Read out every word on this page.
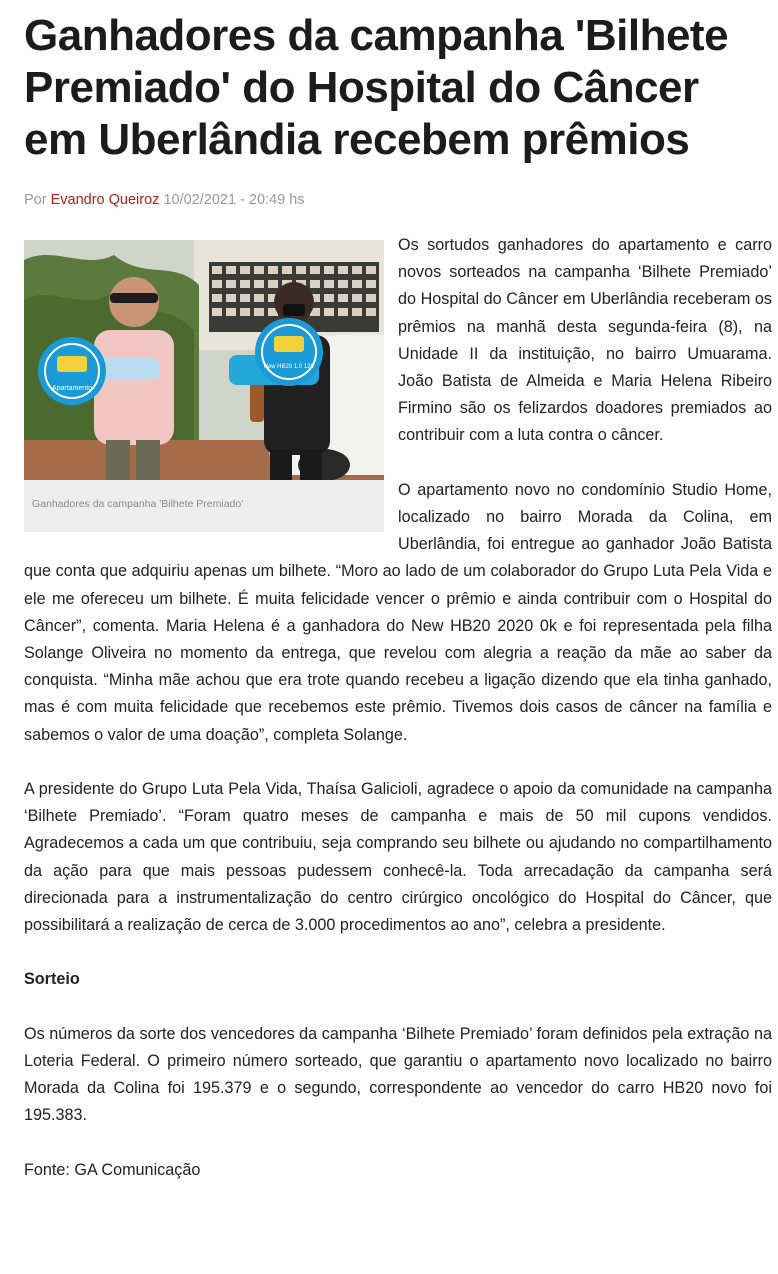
Ganhadores da campanha 'Bilhete Premiado' do Hospital do Câncer em Uberlândia recebem prêmios
Por Evandro Queiroz 10/02/2021 - 20:49 hs
Apartamento
New HB20 1.0 12V
Ganhadores da campanha 'Bilhete Premiado'

Os sortudos ganhadores do apartamento e carro novos sorteados na campanha ‘Bilhete Premiado’ do Hospital do Câncer em Uberlândia receberam os prêmios na manhã desta segunda-feira (8), na Unidade II da instituição, no bairro Umuarama. João Batista de Almeida e Maria Helena Ribeiro Firmino são os felizardos doadores premiados ao contribuir com a luta contra o câncer.

O apartamento novo no condomínio Studio Home, localizado no bairro Morada da Colina, em Uberlândia, foi entregue ao ganhador João Batista que conta que adquiriu apenas um bilhete. “Moro ao lado de um colaborador do Grupo Luta Pela Vida e ele me ofereceu um bilhete. É muita felicidade vencer o prêmio e ainda contribuir com o Hospital do Câncer”, comenta. Maria Helena é a ganhadora do New HB20 2020 0k e foi representada pela filha Solange Oliveira no momento da entrega, que revelou com alegria a reação da mãe ao saber da conquista. “Minha mãe achou que era trote quando recebeu a ligação dizendo que ela tinha ganhado, mas é com muita felicidade que recebemos este prêmio. Tivemos dois casos de câncer na família e sabemos o valor de uma doação”, completa Solange.

A presidente do Grupo Luta Pela Vida, Thaísa Galicioli, agradece o apoio da comunidade na campanha ‘Bilhete Premiado’. “Foram quatro meses de campanha e mais de 50 mil cupons vendidos. Agradecemos a cada um que contribuiu, seja comprando seu bilhete ou ajudando no compartilhamento da ação para que mais pessoas pudessem conhecê-la. Toda arrecadação da campanha será direcionada para a instrumentalização do centro cirúrgico oncológico do Hospital do Câncer, que possibilitará a realização de cerca de 3.000 procedimentos ao ano”, celebra a presidente.

Sorteio

Os números da sorte dos vencedores da campanha ‘Bilhete Premiado’ foram definidos pela extração na Loteria Federal. O primeiro número sorteado, que garantiu o apartamento novo localizado no bairro Morada da Colina foi 195.379 e o segundo, correspondente ao vencedor do carro HB20 novo foi 195.383.

Fonte: GA Comunicação
